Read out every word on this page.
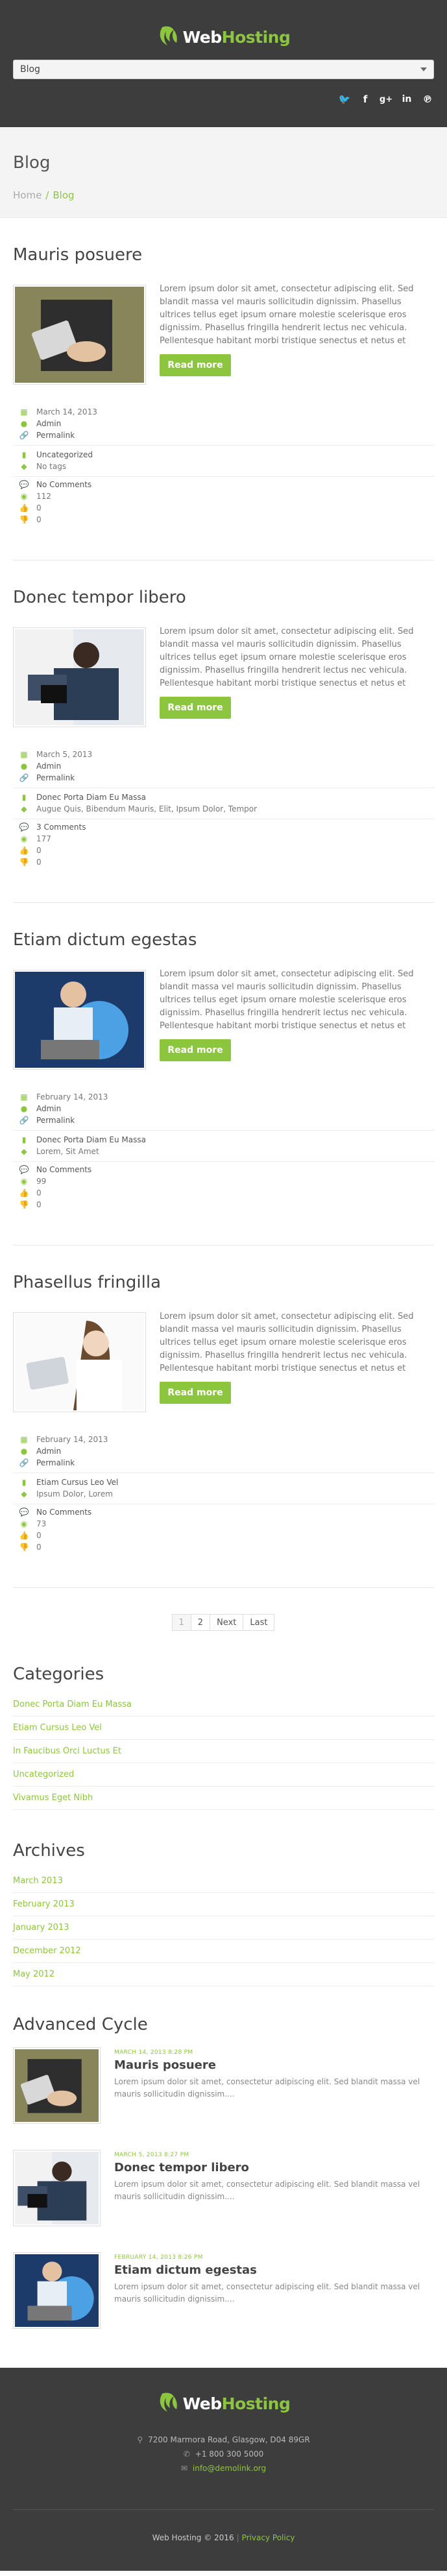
WebHosting
Blog
🐦	f	g+ in ℗
Blog
Home / Blog
Mauris posuere

Lorem ipsum dolor sit amet, consectetur adipiscing elit. Sed blandit massa vel mauris sollicitudin dignissim. Phasellus ultrices tellus eget ipsum ornare molestie scelerisque eros dignissim. Phasellus fringilla hendrerit lectus nec vehicula. Pellentesque habitant morbi tristique senectus et netus et

Read more
▦ March 14, 2013
● Admin
🔗 Permalink
▮	Uncategorized
◆ No tags
💬 No Comments
◉ 112
👍 0
👎 0
Donec tempor libero

Lorem ipsum dolor sit amet, consectetur adipiscing elit. Sed blandit massa vel mauris sollicitudin dignissim. Phasellus ultrices tellus eget ipsum ornare molestie scelerisque eros dignissim. Phasellus fringilla hendrerit lectus nec vehicula. Pellentesque habitant morbi tristique senectus et netus et

Read more
▦ March 5, 2013
● Admin
🔗 Permalink
▮	Donec Porta Diam Eu Massa
◆ Augue Quis, Bibendum Mauris, Elit, Ipsum Dolor, Tempor
💬 3 Comments
◉ 177
👍 0
👎 0
Etiam dictum egestas

Lorem ipsum dolor sit amet, consectetur adipiscing elit. Sed blandit massa vel mauris sollicitudin dignissim. Phasellus ultrices tellus eget ipsum ornare molestie scelerisque eros dignissim. Phasellus fringilla hendrerit lectus nec vehicula. Pellentesque habitant morbi tristique senectus et netus et

Read more
▦ February 14, 2013
● Admin
🔗 Permalink
▮	Donec Porta Diam Eu Massa
◆ Lorem, Sit Amet
💬 No Comments
◉ 99
👍 0
👎 0
Phasellus fringilla

Lorem ipsum dolor sit amet, consectetur adipiscing elit. Sed blandit massa vel mauris sollicitudin dignissim. Phasellus ultrices tellus eget ipsum ornare molestie scelerisque eros dignissim. Phasellus fringilla hendrerit lectus nec vehicula. Pellentesque habitant morbi tristique senectus et netus et

Read more
▦ February 14, 2013
● Admin
🔗 Permalink
▮	Etiam Cursus Leo Vel
◆ Ipsum Dolor, Lorem
💬 No Comments
◉ 73
👍 0
👎 0
1	2	Next	Last
Categories
Donec Porta Diam Eu Massa
Etiam Cursus Leo Vel
In Faucibus Orci Luctus Et
Uncategorized
Vivamus Eget Nibh
Archives
March 2013
February 2013
January 2013
December 2012
May 2012
Advanced Cycle
MARCH 14, 2013 8:28 PM
Mauris posuere
Lorem ipsum dolor sit amet, consectetur adipiscing elit. Sed blandit massa vel mauris sollicitudin dignissim....
MARCH 5, 2013 8:27 PM
Donec tempor libero
Lorem ipsum dolor sit amet, consectetur adipiscing elit. Sed blandit massa vel mauris sollicitudin dignissim....
FEBRUARY 14, 2013 8:26 PM
Etiam dictum egestas
Lorem ipsum dolor sit amet, consectetur adipiscing elit. Sed blandit massa vel mauris sollicitudin dignissim....
WebHosting
⚲ 7200 Marmora Road, Glasgow, D04 89GR
✆ +1 800 300 5000
✉ info@demolink.org
Web Hosting © 2016 | Privacy Policy
